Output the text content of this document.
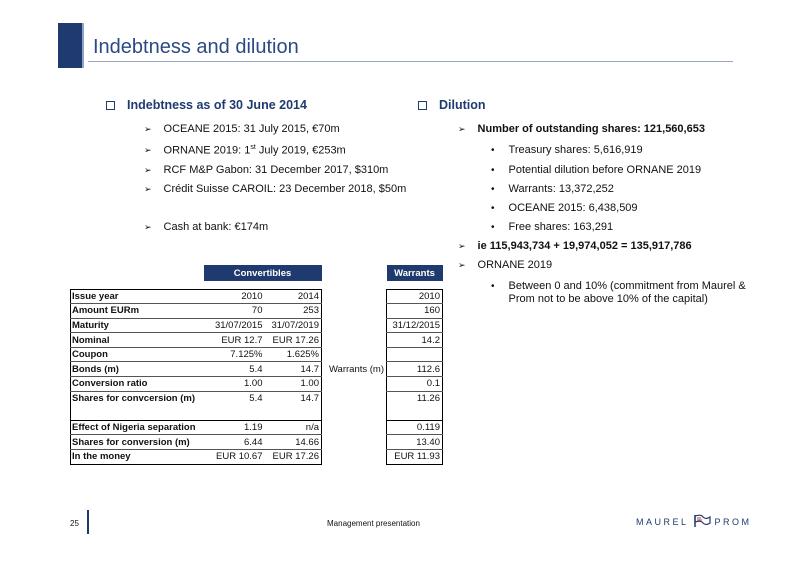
Indebtness and dilution
Indebtness as of 30 June 2014
➢ OCEANE 2015: 31 July 2015, €70m
➢ ORNANE 2019: 1st July 2019, €253m
➢ RCF M&P Gabon: 31 December 2017, $310m
➢ Crédit Suisse CAROIL: 23 December 2018, $50m
➢ Cash at bank: €174m
Dilution
➢ Number of outstanding shares: 121,560,653
• Treasury shares: 5,616,919
• Potential dilution before ORNANE 2019
• Warrants: 13,372,252
• OCEANE 2015: 6,438,509
• Free shares: 163,291
➢ ie 115,943,734 + 19,974,052 = 135,917,786
➢ ORNANE 2019
• Between 0 and 10% (commitment from Maurel & Prom not to be above 10% of the capital)
	Convertibles			Warrants

Issue year	2010	2014		2010
Amount EURm	70	253		160
Maturity	31/07/2015	31/07/2019		31/12/2015
Nominal	EUR 12.7	EUR 17.26		14.2
Coupon	7.125%	1.625%		
Bonds (m)	5.4	14.7	Warrants (m)	112.6
Conversion ratio	1.00	1.00		0.1
Shares for convcersion (m)	5.4	14.7		11.26

Effect of Nigeria separation	1.19	n/a		0.119
Shares for conversion (m)	6.44	14.66		13.40
In the money	EUR 10.67	EUR 17.26		EUR 11.93
25	Management presentation	MAUREL	PROM
